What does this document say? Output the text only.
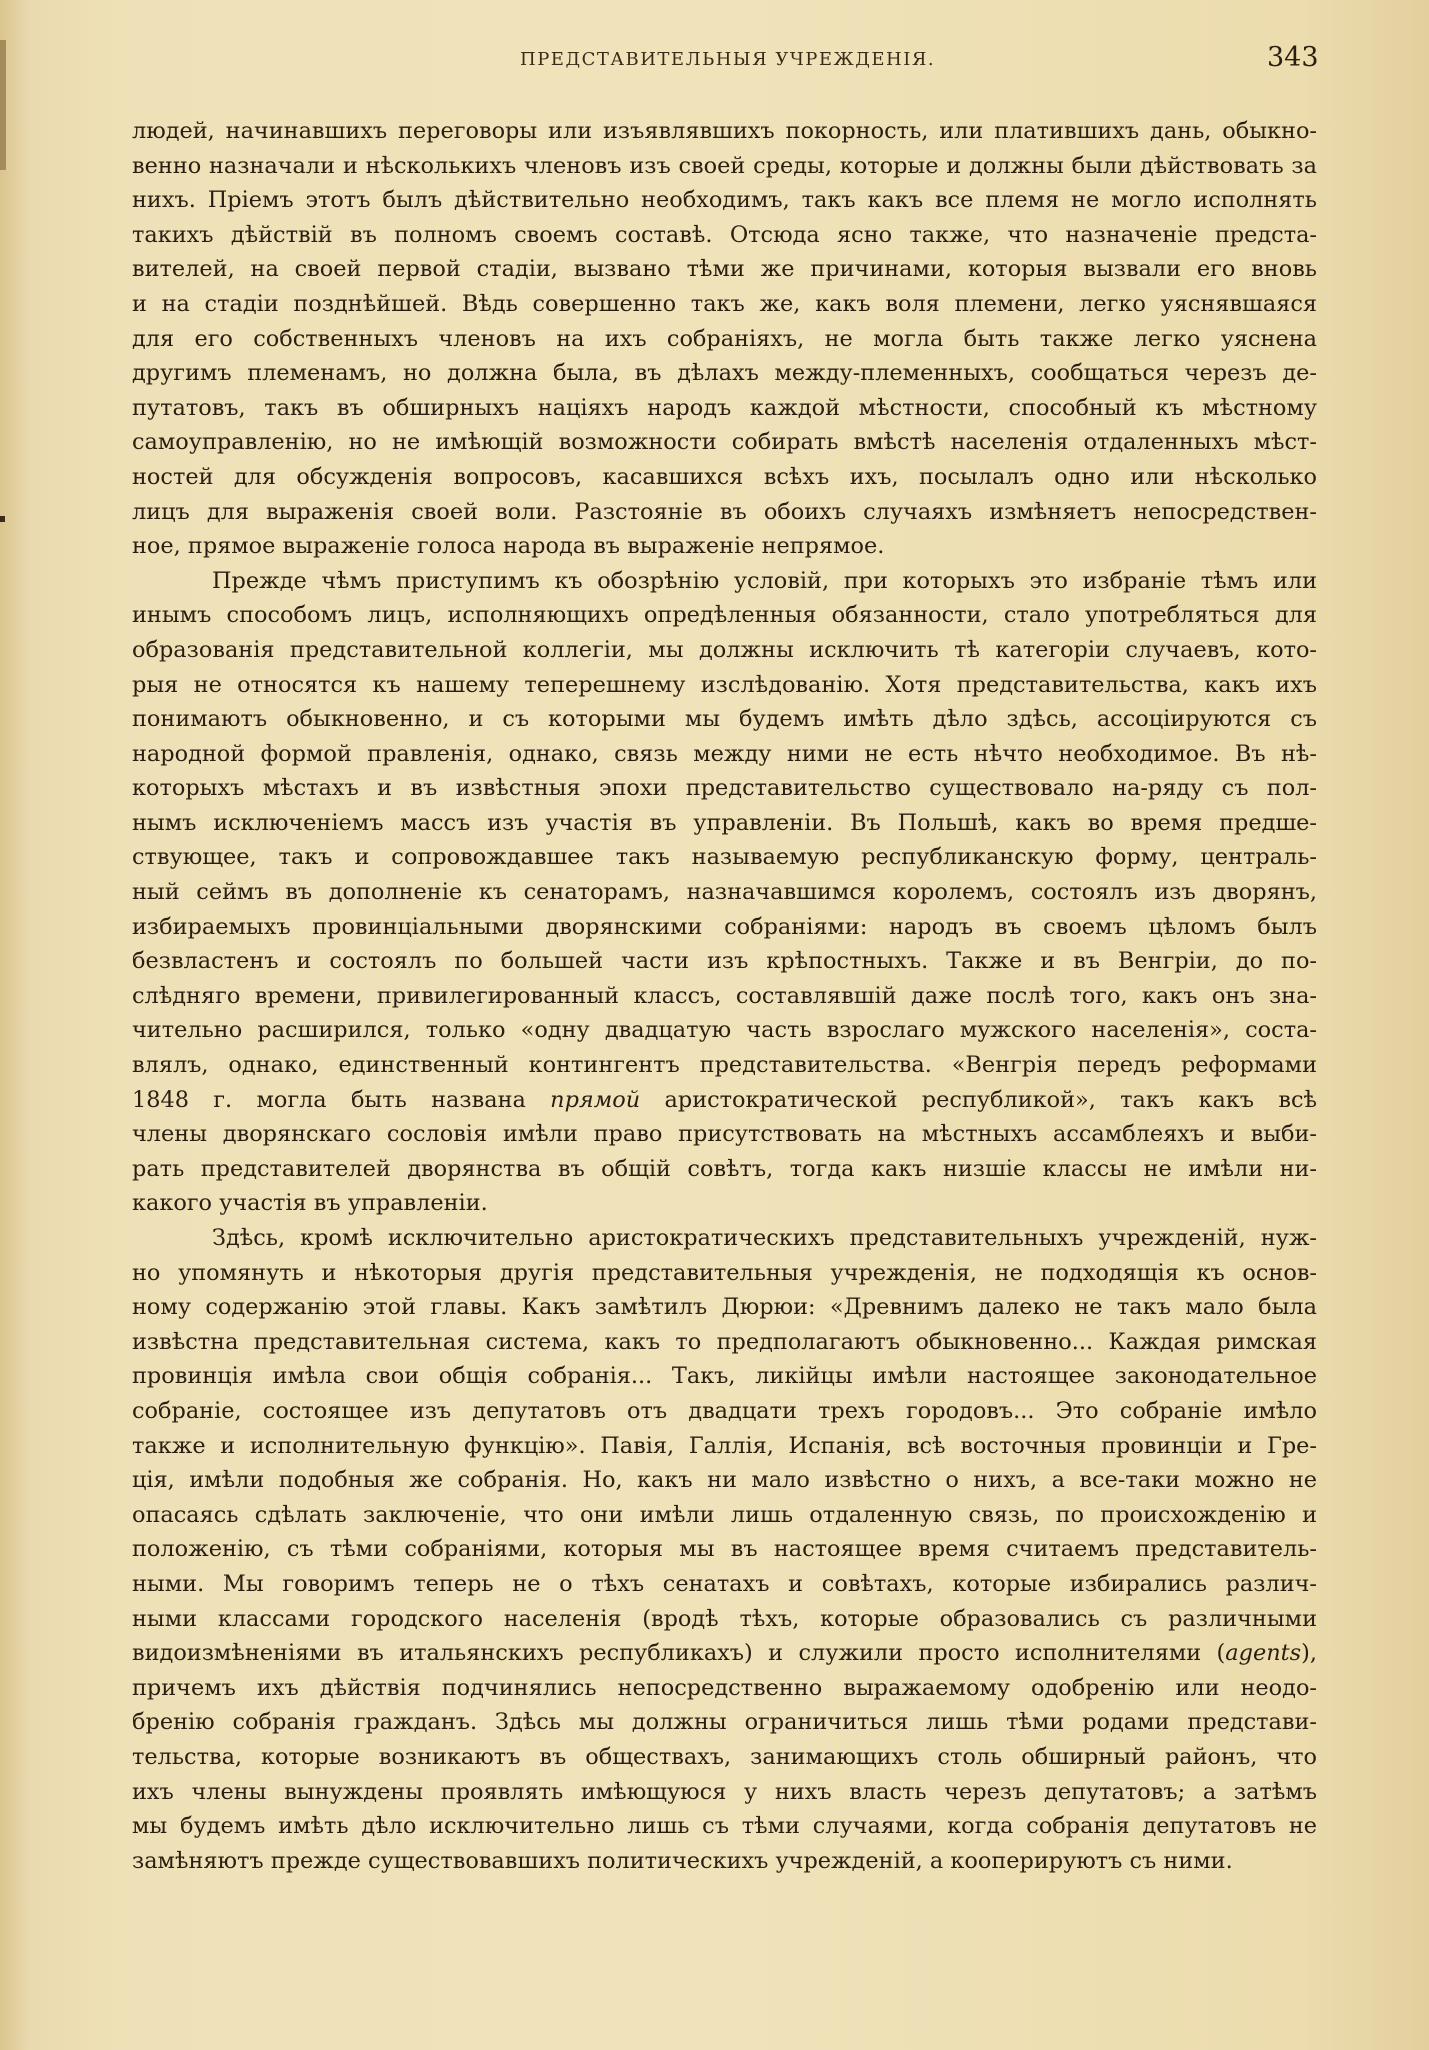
ПРЕДСТАВИТЕЛЬНЫЯ УЧРЕЖДЕНІЯ.	343
людей, начинавшихъ переговоры или изъявлявшихъ покорность, или платившихъ дань, обыкно-
венно назначали и нѣсколькихъ членовъ изъ своей среды, которые и должны были дѣйствовать за
нихъ. Пріемъ этотъ былъ дѣйствительно необходимъ, такъ какъ все племя не могло исполнять
такихъ дѣйствій въ полномъ своемъ составѣ. Отсюда ясно также, что назначеніе предста-
вителей, на своей первой стадіи, вызвано тѣми же причинами, которыя вызвали его вновь
и на стадіи позднѣйшей. Вѣдь совершенно такъ же, какъ воля племени, легко уяснявшаяся
для его собственныхъ членовъ на ихъ собраніяхъ, не могла быть также легко уяснена
другимъ племенамъ, но должна была, въ дѣлахъ между-племенныхъ, сообщаться черезъ де-
путатовъ, такъ въ обширныхъ націяхъ народъ каждой мѣстности, способный къ мѣстному
самоуправленію, но не имѣющій возможности собирать вмѣстѣ населенія отдаленныхъ мѣст-
ностей для обсужденія вопросовъ, касавшихся всѣхъ ихъ, посылалъ одно или нѣсколько
лицъ для выраженія своей воли. Разстояніе въ обоихъ случаяхъ измѣняетъ непосредствен-
ное, прямое выраженіе голоса народа въ выраженіе непрямое.
Прежде чѣмъ приступимъ къ обозрѣнію условій, при которыхъ это избраніе тѣмъ или
инымъ способомъ лицъ, исполняющихъ опредѣленныя обязанности, стало употребляться для
образованія представительной коллегіи, мы должны исключить тѣ категоріи случаевъ, кото-
рыя не относятся къ нашему теперешнему изслѣдованію. Хотя представительства, какъ ихъ
понимаютъ обыкновенно, и съ которыми мы будемъ имѣть дѣло здѣсь, ассоціируются съ
народной формой правленія, однако, связь между ними не есть нѣчто необходимое. Въ нѣ-
которыхъ мѣстахъ и въ извѣстныя эпохи представительство существовало на-ряду съ пол-
нымъ исключеніемъ массъ изъ участія въ управленіи. Въ Польшѣ, какъ во время предше-
ствующее, такъ и сопровождавшее такъ называемую республиканскую форму, централь-
ный сеймъ въ дополненіе къ сенаторамъ, назначавшимся королемъ, состоялъ изъ дворянъ,
избираемыхъ провинціальными дворянскими собраніями: народъ въ своемъ цѣломъ былъ
безвластенъ и состоялъ по большей части изъ крѣпостныхъ. Также и въ Венгріи, до по-
слѣдняго времени, привилегированный классъ, составлявшій даже послѣ того, какъ онъ зна-
чительно расширился, только «одну двадцатую часть взрослаго мужского населенія», соста-
влялъ, однако, единственный контингентъ представительства. «Венгрія передъ реформами
1848 г. могла быть названа прямой аристократической республикой», такъ какъ всѣ
члены дворянскаго сословія имѣли право присутствовать на мѣстныхъ ассамблеяхъ и выби-
рать представителей дворянства въ общій совѣтъ, тогда какъ низшіе классы не имѣли ни-
какого участія въ управленіи.
Здѣсь, кромѣ исключительно аристократическихъ представительныхъ учрежденій, нуж-
но упомянуть и нѣкоторыя другія представительныя учрежденія, не подходящія къ основ-
ному содержанію этой главы. Какъ замѣтилъ Дюрюи: «Древнимъ далеко не такъ мало была
извѣстна представительная система, какъ то предполагаютъ обыкновенно... Каждая римская
провинція имѣла свои общія собранія... Такъ, ликійцы имѣли настоящее законодательное
собраніе, состоящее изъ депутатовъ отъ двадцати трехъ городовъ... Это собраніе имѣло
также и исполнительную функцію». Павія, Галлія, Испанія, всѣ восточныя провинціи и Гре-
ція, имѣли подобныя же собранія. Но, какъ ни мало извѣстно о нихъ, а все-таки можно не
опасаясь сдѣлать заключеніе, что они имѣли лишь отдаленную связь, по происхожденію и
положенію, съ тѣми собраніями, которыя мы въ настоящее время считаемъ представитель-
ными. Мы говоримъ теперь не о тѣхъ сенатахъ и совѣтахъ, которые избирались различ-
ными классами городского населенія (вродѣ тѣхъ, которые образовались съ различными
видоизмѣненіями въ итальянскихъ республикахъ) и служили просто исполнителями (agents),
причемъ ихъ дѣйствія подчинялись непосредственно выражаемому одобренію или неодо-
бренію собранія гражданъ. Здѣсь мы должны ограничиться лишь тѣми родами представи-
тельства, которые возникаютъ въ обществахъ, занимающихъ столь обширный районъ, что
ихъ члены вынуждены проявлять имѣющуюся у нихъ власть черезъ депутатовъ; а затѣмъ
мы будемъ имѣть дѣло исключительно лишь съ тѣми случаями, когда собранія депутатовъ не
замѣняютъ прежде существовавшихъ политическихъ учрежденій, а кооперируютъ съ ними.
